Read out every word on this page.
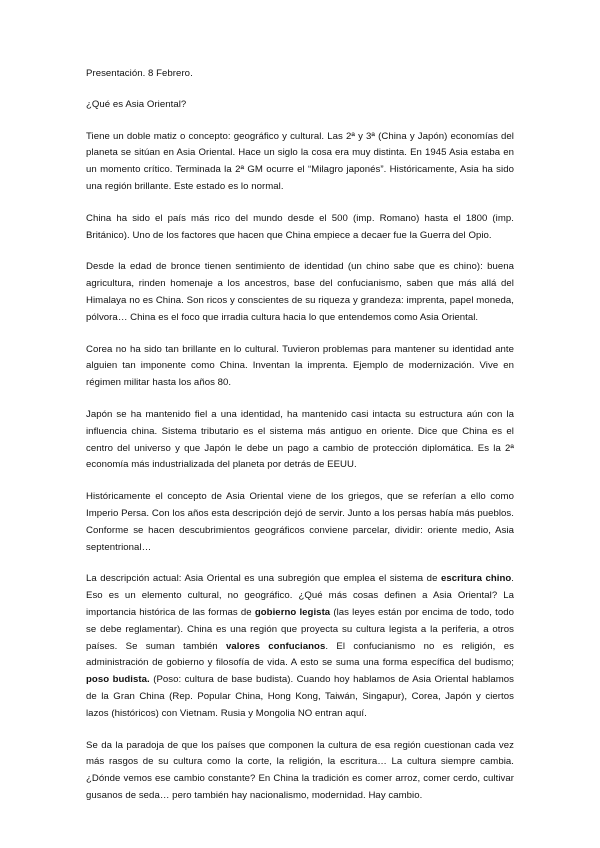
Presentación. 8 Febrero.

¿Qué es Asia Oriental?

Tiene un doble matiz o concepto: geográfico y cultural. Las 2ª y 3ª (China y Japón) economías del planeta se sitúan en Asia Oriental. Hace un siglo la cosa era muy distinta. En 1945 Asia estaba en un momento crítico. Terminada la 2ª GM ocurre el “Milagro japonés”. Históricamente, Asia ha sido una región brillante. Este estado es lo normal.

China ha sido el país más rico del mundo desde el 500 (imp. Romano) hasta el 1800 (imp. Británico). Uno de los factores que hacen que China empiece a decaer fue la Guerra del Opio.

Desde la edad de bronce tienen sentimiento de identidad (un chino sabe que es chino): buena agricultura, rinden homenaje a los ancestros, base del confucianismo, saben que más allá del Himalaya no es China. Son ricos y conscientes de su riqueza y grandeza: imprenta, papel moneda, pólvora… China es el foco que irradia cultura hacia lo que entendemos como Asia Oriental.

Corea no ha sido tan brillante en lo cultural. Tuvieron problemas para mantener su identidad ante alguien tan imponente como China. Inventan la imprenta. Ejemplo de modernización. Vive en régimen militar hasta los años 80.

Japón se ha mantenido fiel a una identidad, ha mantenido casi intacta su estructura aún con la influencia china. Sistema tributario es el sistema más antiguo en oriente. Dice que China es el centro del universo y que Japón le debe un pago a cambio de protección diplomática. Es la 2ª economía más industrializada del planeta por detrás de EEUU.

Históricamente el concepto de Asia Oriental viene de los griegos, que se referían a ello como Imperio Persa. Con los años esta descripción dejó de servir. Junto a los persas había más pueblos. Conforme se hacen descubrimientos geográficos conviene parcelar, dividir: oriente medio, Asia septentrional…

La descripción actual: Asia Oriental es una subregión que emplea el sistema de escritura chino. Eso es un elemento cultural, no geográfico. ¿Qué más cosas definen a Asia Oriental? La importancia histórica de las formas de gobierno legista (las leyes están por encima de todo, todo se debe reglamentar). China es una región que proyecta su cultura legista a la periferia, a otros países. Se suman también valores confucianos. El confucianismo no es religión, es administración de gobierno y filosofía de vida. A esto se suma una forma específica del budismo; poso budista. (Poso: cultura de base budista). Cuando hoy hablamos de Asia Oriental hablamos de la Gran China (Rep. Popular China, Hong Kong, Taiwán, Singapur), Corea, Japón y ciertos lazos (históricos) con Vietnam. Rusia y Mongolia NO entran aquí.

Se da la paradoja de que los países que componen la cultura de esa región cuestionan cada vez más rasgos de su cultura como la corte, la religión, la escritura… La cultura siempre cambia. ¿Dónde vemos ese cambio constante? En China la tradición es comer arroz, comer cerdo, cultivar gusanos de seda… pero también hay nacionalismo, modernidad. Hay cambio.
